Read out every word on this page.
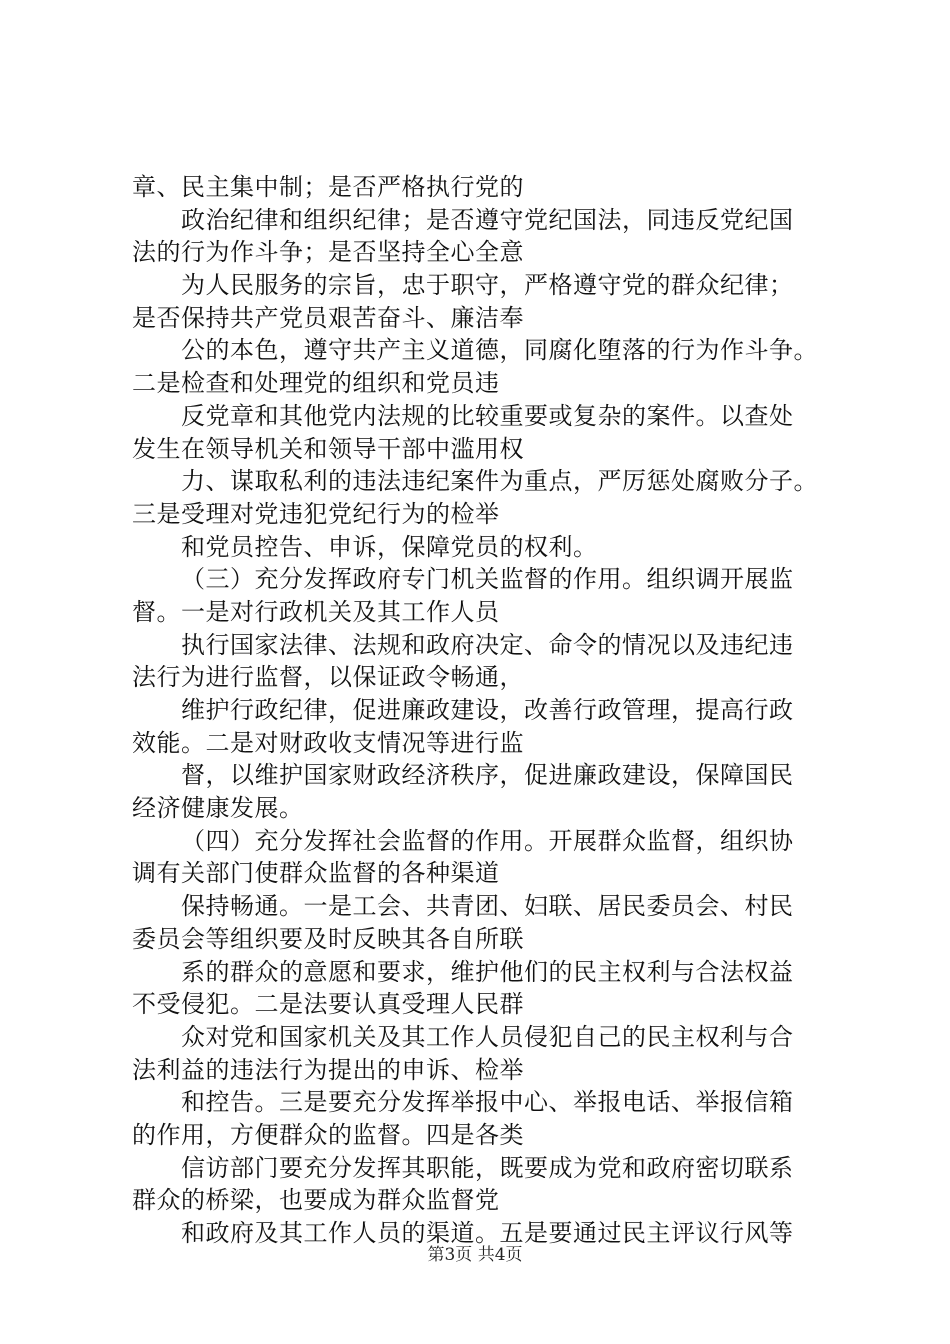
章、民主集中制；是否严格执行党的
政治纪律和组织纪律；是否遵守党纪国法，同违反党纪国
法的行为作斗争；是否坚持全心全意
为人民服务的宗旨，忠于职守，严格遵守党的群众纪律；
是否保持共产党员艰苦奋斗、廉洁奉
公的本色，遵守共产主义道德，同腐化堕落的行为作斗争。
二是检查和处理党的组织和党员违
反党章和其他党内法规的比较重要或复杂的案件。以查处
发生在领导机关和领导干部中滥用权
力、谋取私利的违法违纪案件为重点，严厉惩处腐败分子。
三是受理对党违犯党纪行为的检举
和党员控告、申诉，保障党员的权利。
（三）充分发挥政府专门机关监督的作用。组织调开展监
督。一是对行政机关及其工作人员
执行国家法律、法规和政府决定、命令的情况以及违纪违
法行为进行监督，以保证政令畅通，
维护行政纪律，促进廉政建设，改善行政管理，提高行政
效能。二是对财政收支情况等进行监
督，以维护国家财政经济秩序，促进廉政建设，保障国民
经济健康发展。
（四）充分发挥社会监督的作用。开展群众监督，组织协
调有关部门使群众监督的各种渠道
保持畅通。一是工会、共青团、妇联、居民委员会、村民
委员会等组织要及时反映其各自所联
系的群众的意愿和要求，维护他们的民主权利与合法权益
不受侵犯。二是法要认真受理人民群
众对党和国家机关及其工作人员侵犯自己的民主权利与合
法利益的违法行为提出的申诉、检举
和控告。三是要充分发挥举报中心、举报电话、举报信箱
的作用，方便群众的监督。四是各类
信访部门要充分发挥其职能，既要成为党和政府密切联系
群众的桥梁，也要成为群众监督党
和政府及其工作人员的渠道。五是要通过民主评议行风等
第3页 共4页
